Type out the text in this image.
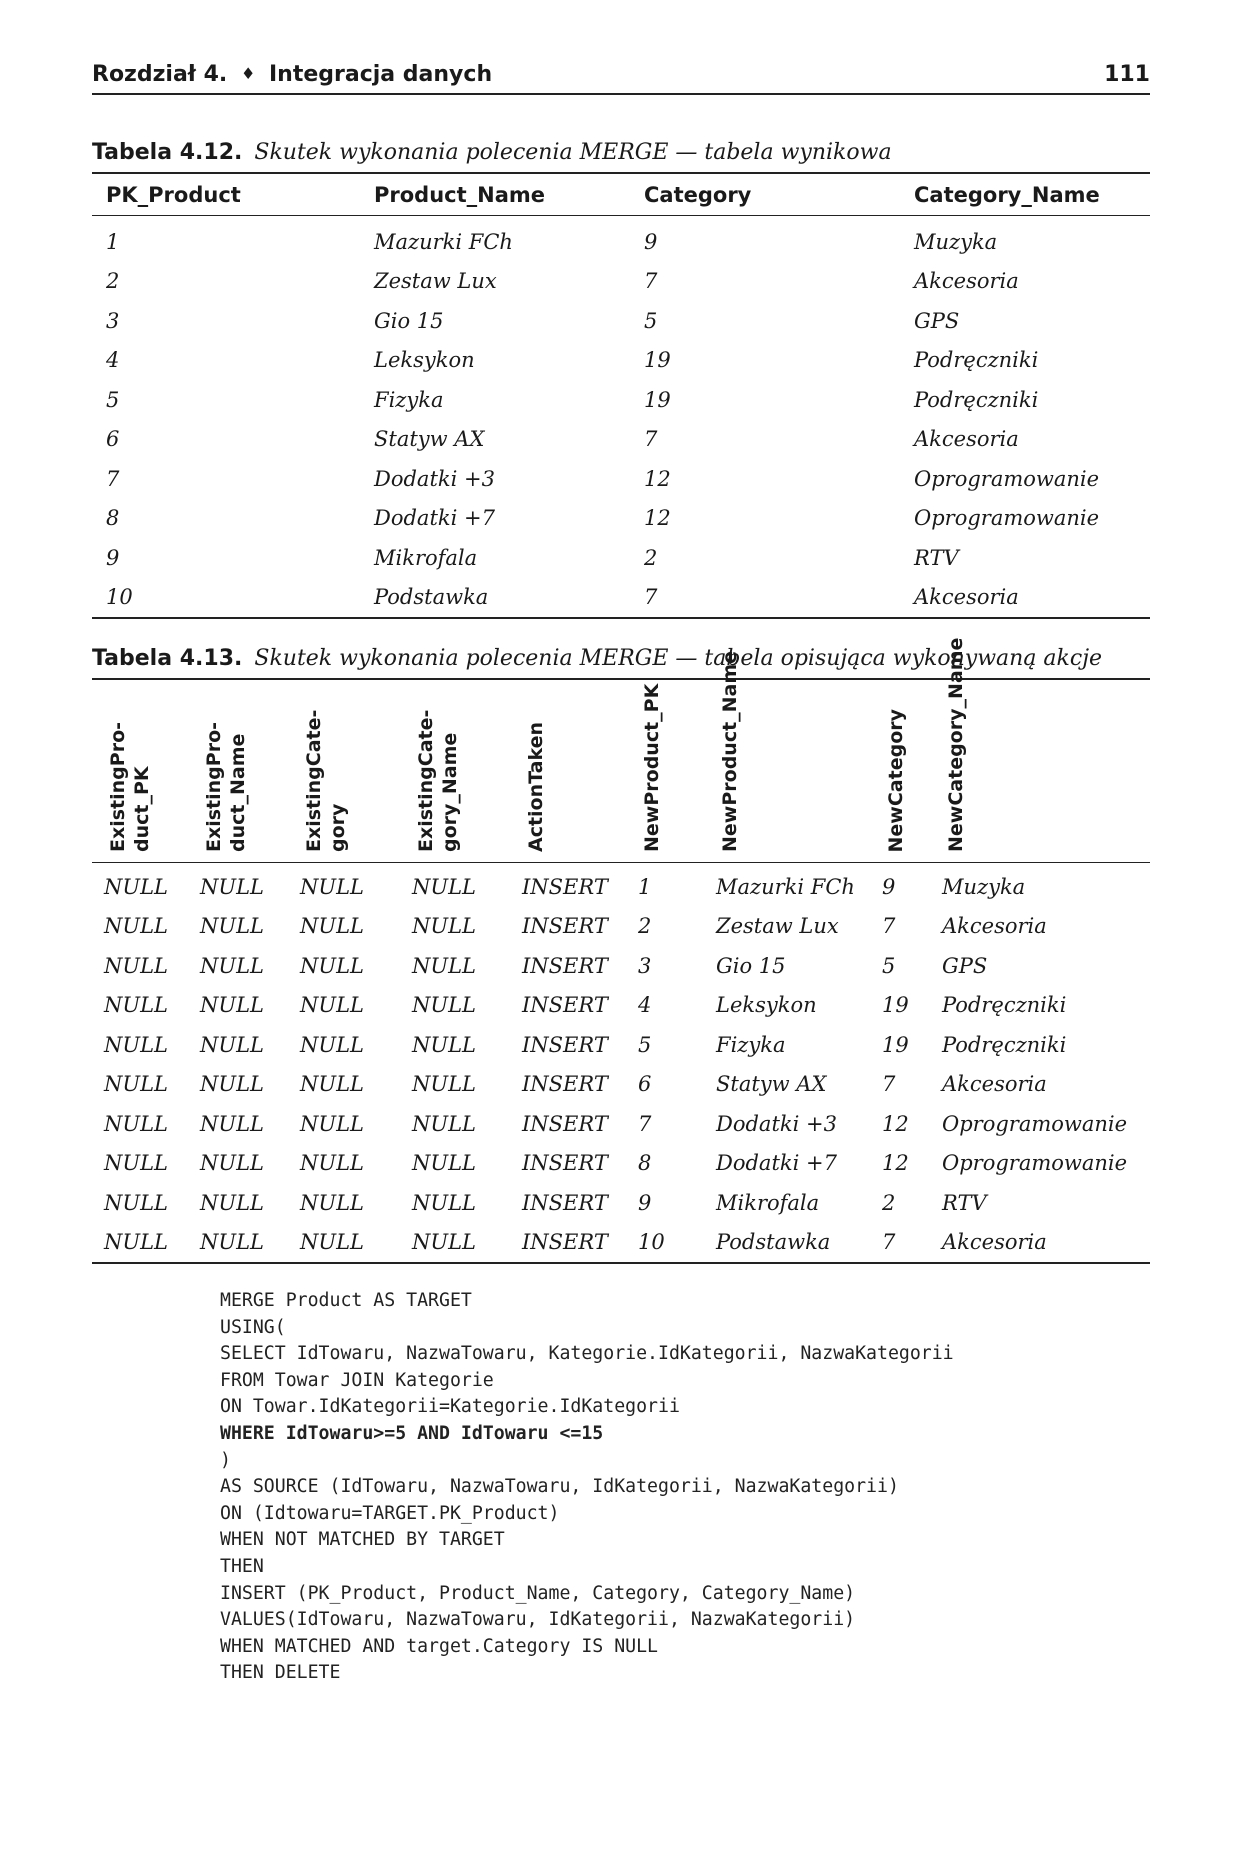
Rozdział 4. ♦ Integracja danych	111
Tabela 4.12. Skutek wykonania polecenia MERGE — tabela wynikowa
PK_Product	Product_Name	Category	Category_Name
1	Mazurki FCh	9	Muzyka
2	Zestaw Lux	7	Akcesoria
3	Gio 15	5	GPS
4	Leksykon	19	Podręczniki
5	Fizyka	19	Podręczniki
6	Statyw AX	7	Akcesoria
7	Dodatki +3	12	Oprogramowanie
8	Dodatki +7	12	Oprogramowanie
9	Mikrofala	2	RTV
10	Podstawka	7	Akcesoria
Tabela 4.13. Skutek wykonania polecenia MERGE — tabela opisująca wykonywaną akcje
ExistingPro-duct_PK	ExistingPro-duct_Name	ExistingCate-gory	ExistingCate-gory_Name	ActionTaken	NewProduct_PK	NewProduct_Name	NewCategory	NewCategory_Name

NULL	NULL	NULL	NULL	INSERT	1	Mazurki FCh	9	Muzyka
NULL	NULL	NULL	NULL	INSERT	2	Zestaw Lux	7	Akcesoria
NULL	NULL	NULL	NULL	INSERT	3	Gio 15	5	GPS
NULL	NULL	NULL	NULL	INSERT	4	Leksykon	19	Podręczniki
NULL	NULL	NULL	NULL	INSERT	5	Fizyka	19	Podręczniki
NULL	NULL	NULL	NULL	INSERT	6	Statyw AX	7	Akcesoria
NULL	NULL	NULL	NULL	INSERT	7	Dodatki +3	12	Oprogramowanie
NULL	NULL	NULL	NULL	INSERT	8	Dodatki +7	12	Oprogramowanie
NULL	NULL	NULL	NULL	INSERT	9	Mikrofala	2	RTV
NULL	NULL	NULL	NULL	INSERT	10	Podstawka	7	Akcesoria
MERGE Product AS TARGET
USING(
SELECT IdTowaru, NazwaTowaru, Kategorie.IdKategorii, NazwaKategorii
FROM Towar JOIN Kategorie
ON Towar.IdKategorii=Kategorie.IdKategorii
WHERE IdTowaru>=5 AND IdTowaru <=15
)
AS SOURCE (IdTowaru, NazwaTowaru, IdKategorii, NazwaKategorii)
ON (Idtowaru=TARGET.PK_Product)
WHEN NOT MATCHED BY TARGET
THEN
INSERT (PK_Product, Product_Name, Category, Category_Name)
VALUES(IdTowaru, NazwaTowaru, IdKategorii, NazwaKategorii)
WHEN MATCHED AND target.Category IS NULL
THEN DELETE
